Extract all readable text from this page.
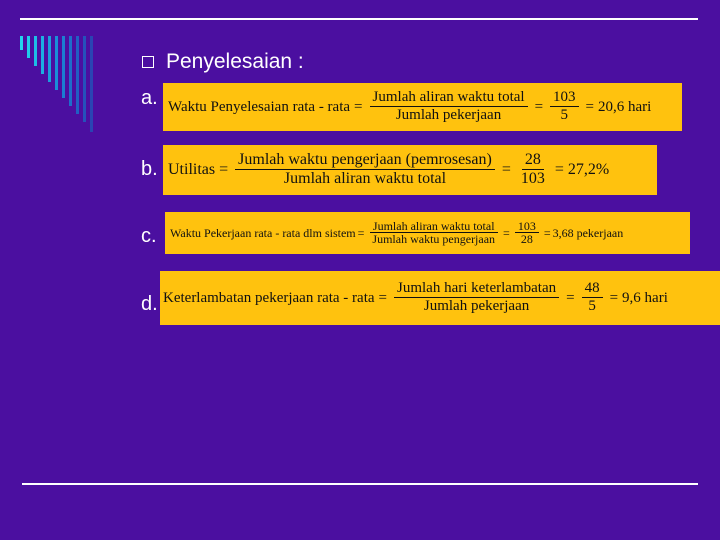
Penyelesaian :
a. Waktu Penyelesaian rata - rata = $\frac{\text{Jumlah aliran waktu total}}{\text{Jumlah pekerjaan}} = \frac{103}{5} = 20,6$ hari
b. Utilitas = $\frac{\text{Jumlah waktu pengerjaan (pemrosesan)}}{\text{Jumlah aliran waktu total}} = \frac{28}{103} = 27,2\%$
c. Waktu Pekerjaan rata - rata dlm sistem = $\frac{\text{Jumlah aliran waktu total}}{\text{Jumlah waktu pengerjaan}} = \frac{103}{28} = 3,68$ pekerjaan
d. Keterlambatan pekerjaan rata - rata = $\frac{\text{Jumlah hari keterlambatan}}{\text{Jumlah pekerjaan}} = \frac{48}{5} = 9,6$ hari
